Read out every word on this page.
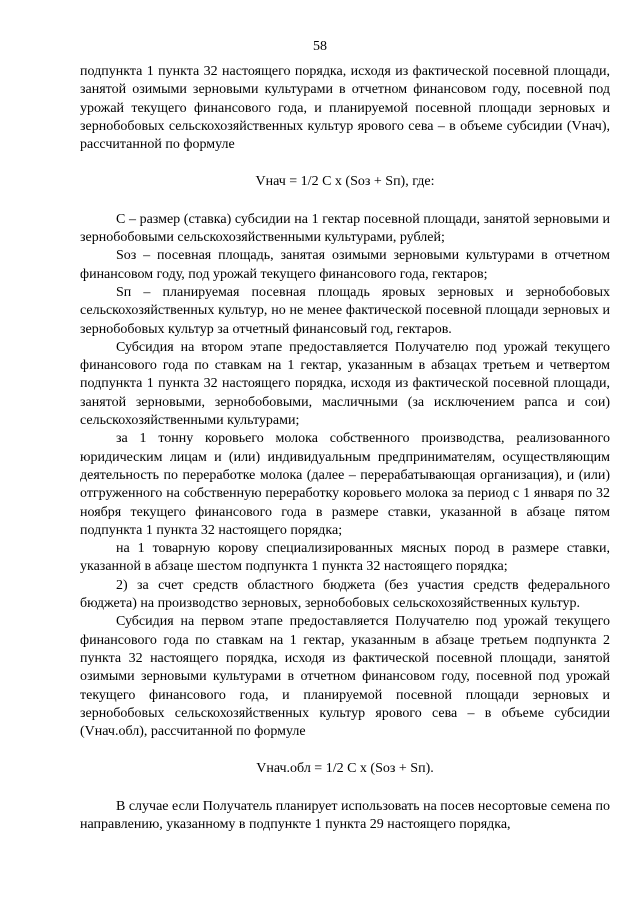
58

подпункта 1 пункта 32 настоящего порядка, исходя из фактической посевной площади, занятой озимыми зерновыми культурами в отчетном финансовом году, посевной под урожай текущего финансового года, и планируемой посевной площади зерновых и зернобобовых сельскохозяйственных культур ярового сева – в объеме субсидии (Vнач), рассчитанной по формуле

Vнач = 1/2 С х (Sоз + Sп), где:

С – размер (ставка) субсидии на 1 гектар посевной площади, занятой зерновыми и зернобобовыми сельскохозяйственными культурами, рублей;

Sоз – посевная площадь, занятая озимыми зерновыми культурами в отчетном финансовом году, под урожай текущего финансового года, гектаров;

Sп – планируемая посевная площадь яровых зерновых и зернобобовых сельскохозяйственных культур, но не менее фактической посевной площади зерновых и зернобобовых культур за отчетный финансовый год, гектаров.

Субсидия на втором этапе предоставляется Получателю под урожай текущего финансового года по ставкам на 1 гектар, указанным в абзацах третьем и четвертом подпункта 1 пункта 32 настоящего порядка, исходя из фактической посевной площади, занятой зерновыми, зернобобовыми, масличными (за исключением рапса и сои) сельскохозяйственными культурами;

за 1 тонну коровьего молока собственного производства, реализованного юридическим лицам и (или) индивидуальным предпринимателям, осуществляющим деятельность по переработке молока (далее – перерабатывающая организация), и (или) отгруженного на собственную переработку коровьего молока за период с 1 января по 32 ноября текущего финансового года в размере ставки, указанной в абзаце пятом подпункта 1 пункта 32 настоящего порядка;

на 1 товарную корову специализированных мясных пород в размере ставки, указанной в абзаце шестом подпункта 1 пункта 32 настоящего порядка;

2) за счет средств областного бюджета (без участия средств федерального бюджета) на производство зерновых, зернобобовых сельскохозяйственных культур.

Субсидия на первом этапе предоставляется Получателю под урожай текущего финансового года по ставкам на 1 гектар, указанным в абзаце третьем подпункта 2 пункта 32 настоящего порядка, исходя из фактической посевной площади, занятой озимыми зерновыми культурами в отчетном финансовом году, посевной под урожай текущего финансового года, и планируемой посевной площади зерновых и зернобобовых сельскохозяйственных культур ярового сева – в объеме субсидии (Vнач.обл), рассчитанной по формуле

Vнач.обл = 1/2 С х (Sоз + Sп).

В случае если Получатель планирует использовать на посев несортовые семена по направлению, указанному в подпункте 1 пункта 29 настоящего порядка,
